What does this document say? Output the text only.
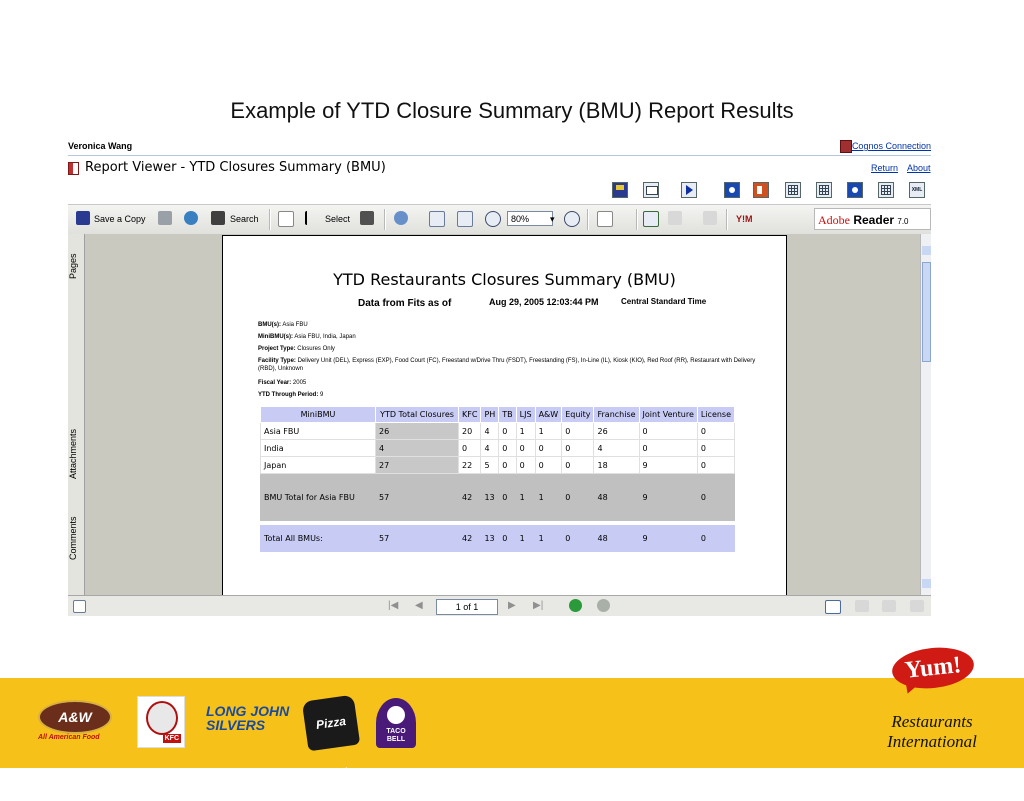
Example of YTD Closure Summary (BMU) Report Results
Veronica Wang	Cognos Connection
Report Viewer - YTD Closures Summary (BMU)	Return About
XML
Save a Copy	Search	Select	80%	▾	Y!M	Adobe Reader 7.0
Pages
Attachments
Comments
YTD Restaurants Closures Summary (BMU)
Data from Fits as of	Aug 29, 2005 12:03:44 PM	Central Standard Time
BMU(s): Asia FBU
MiniBMU(s): Asia FBU, India, Japan
Project Type: Closures Only
Facility Type: Delivery Unit (DEL), Express (EXP), Food Court (FC), Freestand w/Drive Thru (FSDT), Freestanding (FS), In-Line (IL), Kiosk (KIO), Red Roof (RR), Restaurant with Delivery (RBD), Unknown
Fiscal Year: 2005
YTD Through Period: 9
MiniBMU	YTD Total Closures	KFC	PH	TB	LJS	A&W	Equity	Franchise	Joint Venture	License
Asia FBU	26	20	4	0	1	1	0	26	0	0
India	4	0	4	0	0	0	0	4	0	0
Japan	27	22	5	0	0	0	0	18	9	0
BMU Total for Asia FBU	57	42	13	0	1	1	0	48	9	0

Total All BMUs:	57	42	13	0	1	1	0	48	9	0
|◀ ◀	1 of 1	▶ ▶|
A&W
All American Food	KFC
LONG JOHN
SILVERS	Pizza Hut
TACO
BELL
Yum!
Restaurants
International
